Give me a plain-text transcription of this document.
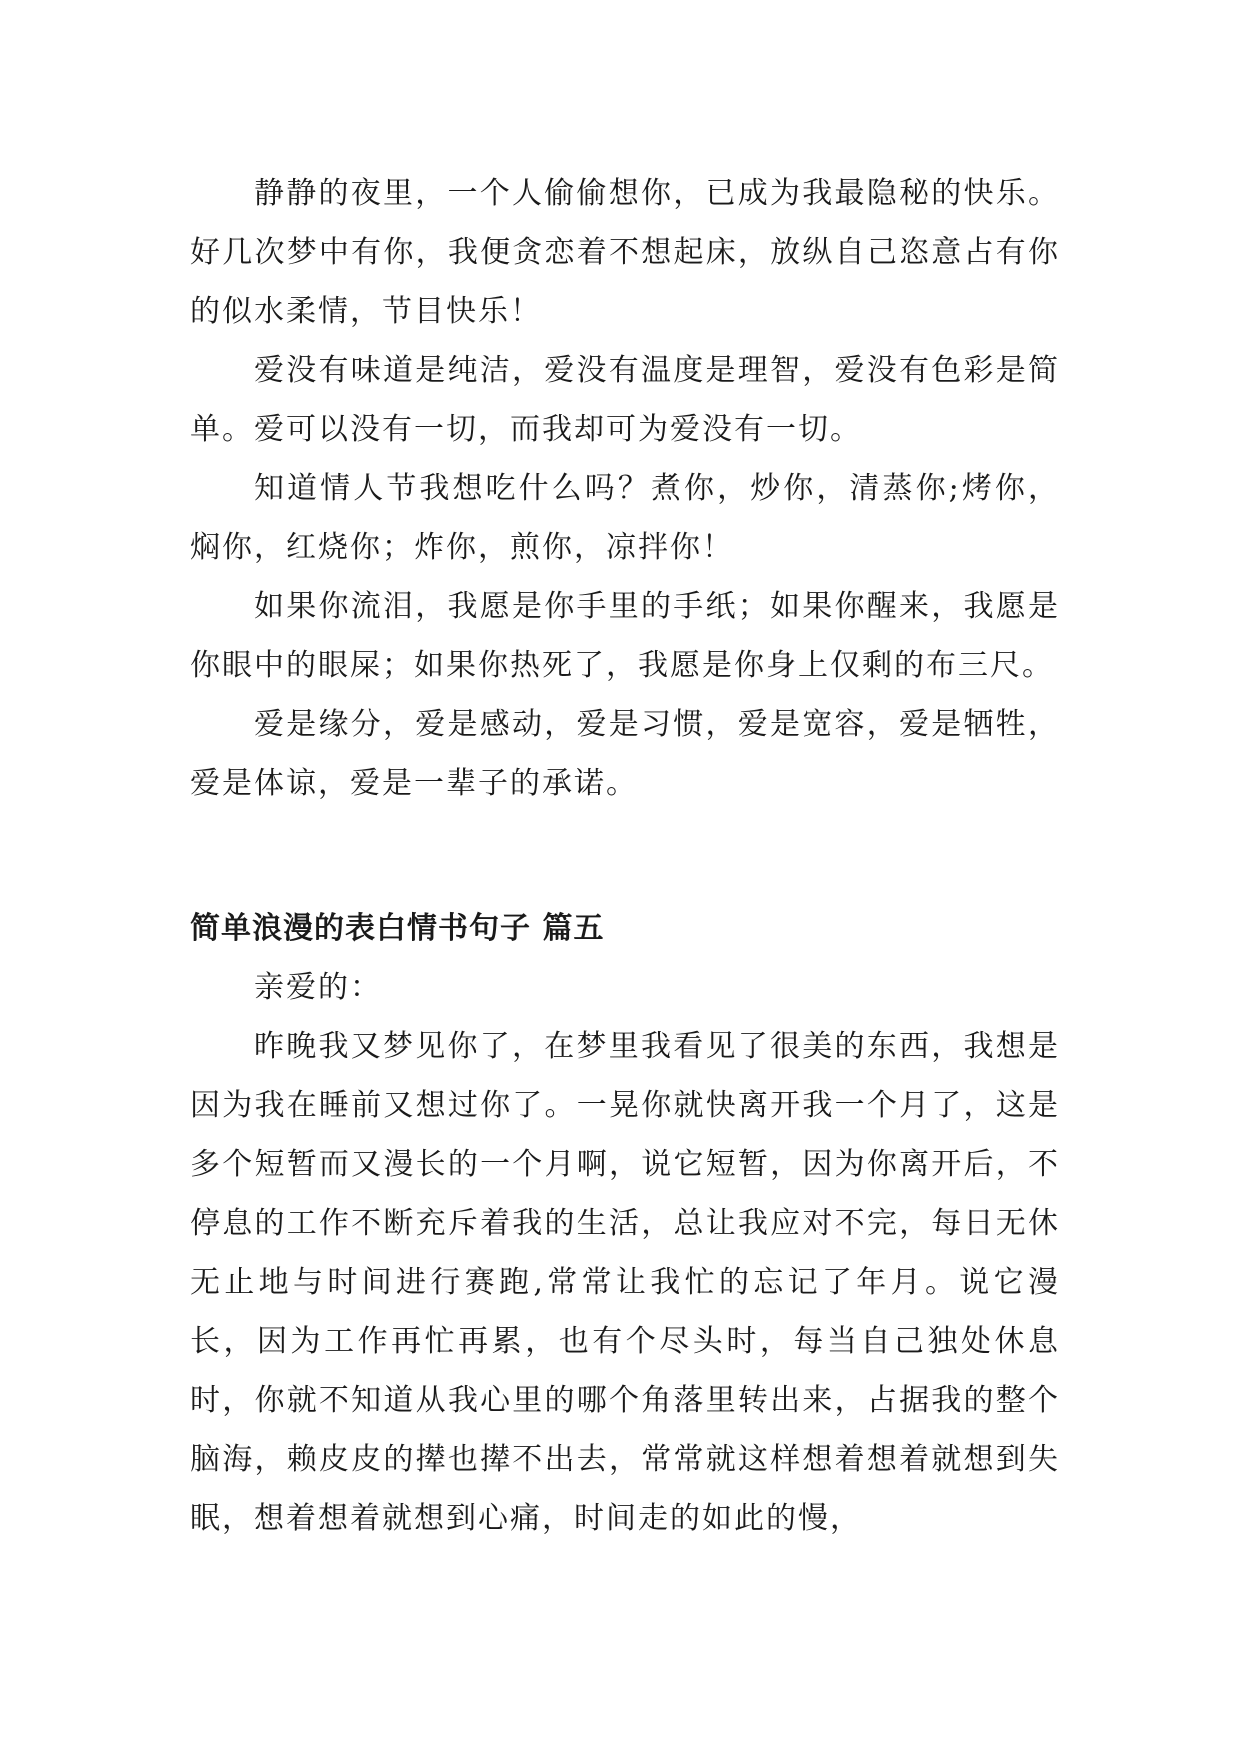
静静的夜里，一个人偷偷想你，已成为我最隐秘的快乐。好几次梦中有你，我便贪恋着不想起床，放纵自己恣意占有你的似水柔情，节目快乐！

爱没有味道是纯洁，爱没有温度是理智，爱没有色彩是简单。爱可以没有一切，而我却可为爱没有一切。

知道情人节我想吃什么吗？煮你，炒你，清蒸你;烤你，焖你，红烧你；炸你，煎你，凉拌你！

如果你流泪，我愿是你手里的手纸；如果你醒来，我愿是你眼中的眼屎；如果你热死了，我愿是你身上仅剩的布三尺。

爱是缘分，爱是感动，爱是习惯，爱是宽容，爱是牺牲，爱是体谅，爱是一辈子的承诺。

简单浪漫的表白情书句子 篇五

亲爱的：

昨晚我又梦见你了，在梦里我看见了很美的东西，我想是因为我在睡前又想过你了。一晃你就快离开我一个月了，这是多个短暂而又漫长的一个月啊，说它短暂，因为你离开后，不停息的工作不断充斥着我的生活，总让我应对不完，每日无休无止地与时间进行赛跑,常常让我忙的忘记了年月。说它漫长，因为工作再忙再累，也有个尽头时，每当自己独处休息时，你就不知道从我心里的哪个角落里转出来，占据我的整个脑海，赖皮皮的撵也撵不出去，常常就这样想着想着就想到失眠，想着想着就想到心痛，时间走的如此的慢，
